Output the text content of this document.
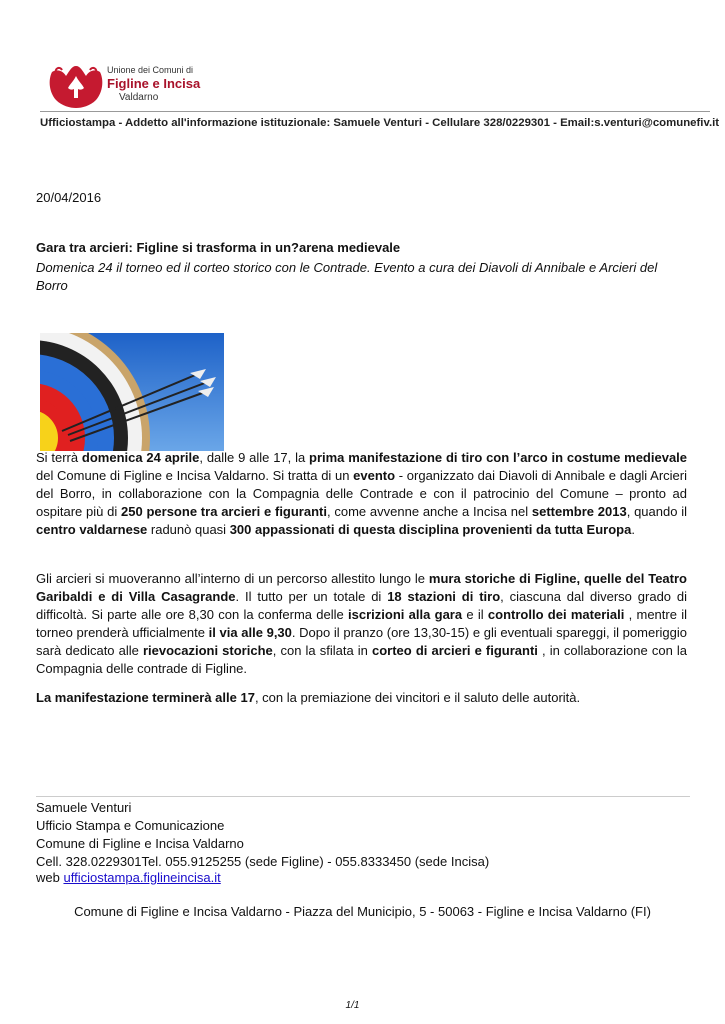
Unione dei Comuni di
Figline e Incisa
Valdarno
Ufficiostampa - Addetto all'informazione istituzionale: Samuele Venturi - Cellulare 328/0229301 - Email:s.venturi@comunefiv.it
20/04/2016
Gara tra arcieri: Figline si trasforma in un?arena medievale
Domenica 24 il torneo ed il corteo storico con le Contrade. Evento a cura dei Diavoli di Annibale e Arcieri del Borro
Si terrà domenica 24 aprile, dalle 9 alle 17, la prima manifestazione di tiro con l’arco in costume medievale del Comune di Figline e Incisa Valdarno. Si tratta di un evento - organizzato dai Diavoli di Annibale e dagli Arcieri del Borro, in collaborazione con la Compagnia delle Contrade e con il patrocinio del Comune – pronto ad ospitare più di 250 persone tra arcieri e figuranti, come avvenne anche a Incisa nel settembre 2013, quando il centro valdarnese radunò quasi 300 appassionati di questa disciplina provenienti da tutta Europa.
Gli arcieri si muoveranno all’interno di un percorso allestito lungo le mura storiche di Figline, quelle del Teatro Garibaldi e di Villa Casagrande. Il tutto per un totale di 18 stazioni di tiro, ciascuna dal diverso grado di difficoltà. Si parte alle ore 8,30 con la conferma delle iscrizioni alla gara e il controllo dei materiali , mentre il torneo prenderà ufficialmente il via alle 9,30. Dopo il pranzo (ore 13,30-15) e gli eventuali spareggi, il pomeriggio sarà dedicato alle rievocazioni storiche, con la sfilata in corteo di arcieri e figuranti , in collaborazione con la Compagnia delle contrade di Figline.
La manifestazione terminerà alle 17, con la premiazione dei vincitori e il saluto delle autorità.
Samuele Venturi
Ufficio Stampa e Comunicazione
Comune di Figline e Incisa Valdarno
Cell. 328.0229301Tel. 055.9125255 (sede Figline) - 055.8333450 (sede Incisa)
web ufficiostampa.figlineincisa.it
Comune di Figline e Incisa Valdarno - Piazza del Municipio, 5 - 50063 - Figline e Incisa Valdarno (FI)
1/1
